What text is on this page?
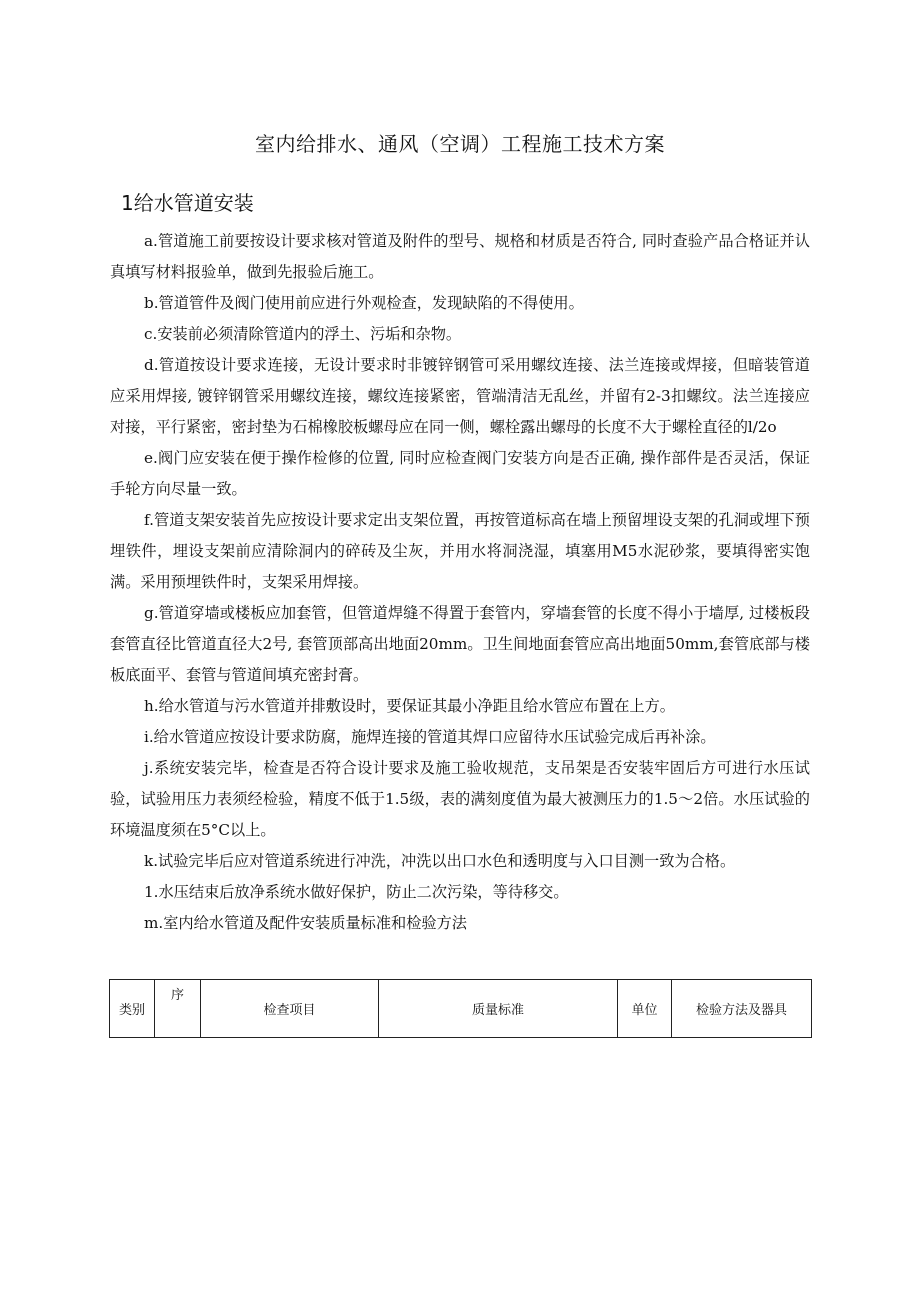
室内给排水、通风（空调）工程施工技术方案
1给水管道安装

a.管道施工前要按设计要求核对管道及附件的型号、规格和材质是否符合, 同时查验产品合格证并认真填写材料报验单，做到先报验后施工。

b.管道管件及阀门使用前应进行外观检查，发现缺陷的不得使用。

c.安装前必须清除管道内的浮土、污垢和杂物。

d.管道按设计要求连接，无设计要求时非镀锌钢管可采用螺纹连接、法兰连接或焊接，但暗装管道应采用焊接, 镀锌钢管采用螺纹连接，螺纹连接紧密，管端清洁无乱丝，并留有2-3扣螺纹。法兰连接应对接，平行紧密，密封垫为石棉橡胶板螺母应在同一侧，螺栓露出螺母的长度不大于螺栓直径的l/2o

e.阀门应安装在便于操作检修的位置, 同时应检查阀门安装方向是否正确, 操作部件是否灵活，保证手轮方向尽量一致。

f.管道支架安装首先应按设计要求定出支架位置，再按管道标高在墙上预留埋设支架的孔洞或埋下预埋铁件，埋设支架前应清除洞内的碎砖及尘灰，并用水将洞浇湿，填塞用M5水泥砂浆，要填得密实饱满。采用预埋铁件时，支架采用焊接。

g.管道穿墙或楼板应加套管，但管道焊缝不得置于套管内，穿墙套管的长度不得小于墙厚, 过楼板段套管直径比管道直径大2号, 套管顶部高出地面20mm。卫生间地面套管应高出地面50mm,套管底部与楼板底面平、套管与管道间填充密封膏。

h.给水管道与污水管道并排敷设时，要保证其最小净距且给水管应布置在上方。

i.给水管道应按设计要求防腐，施焊连接的管道其焊口应留待水压试验完成后再补涂。

j.系统安装完毕，检查是否符合设计要求及施工验收规范，支吊架是否安装牢固后方可进行水压试验，试验用压力表须经检验，精度不低于1.5级，表的满刻度值为最大被测压力的1.5～2倍。水压试验的环境温度须在5°C以上。

k.试验完毕后应对管道系统进行冲洗，冲洗以出口水色和透明度与入口目测一致为合格。

1.水压结束后放净系统水做好保护，防止二次污染，等待移交。

m.室内给水管道及配件安装质量标准和检验方法

类别	序	检查项目	质量标准	单位	检验方法及器具
